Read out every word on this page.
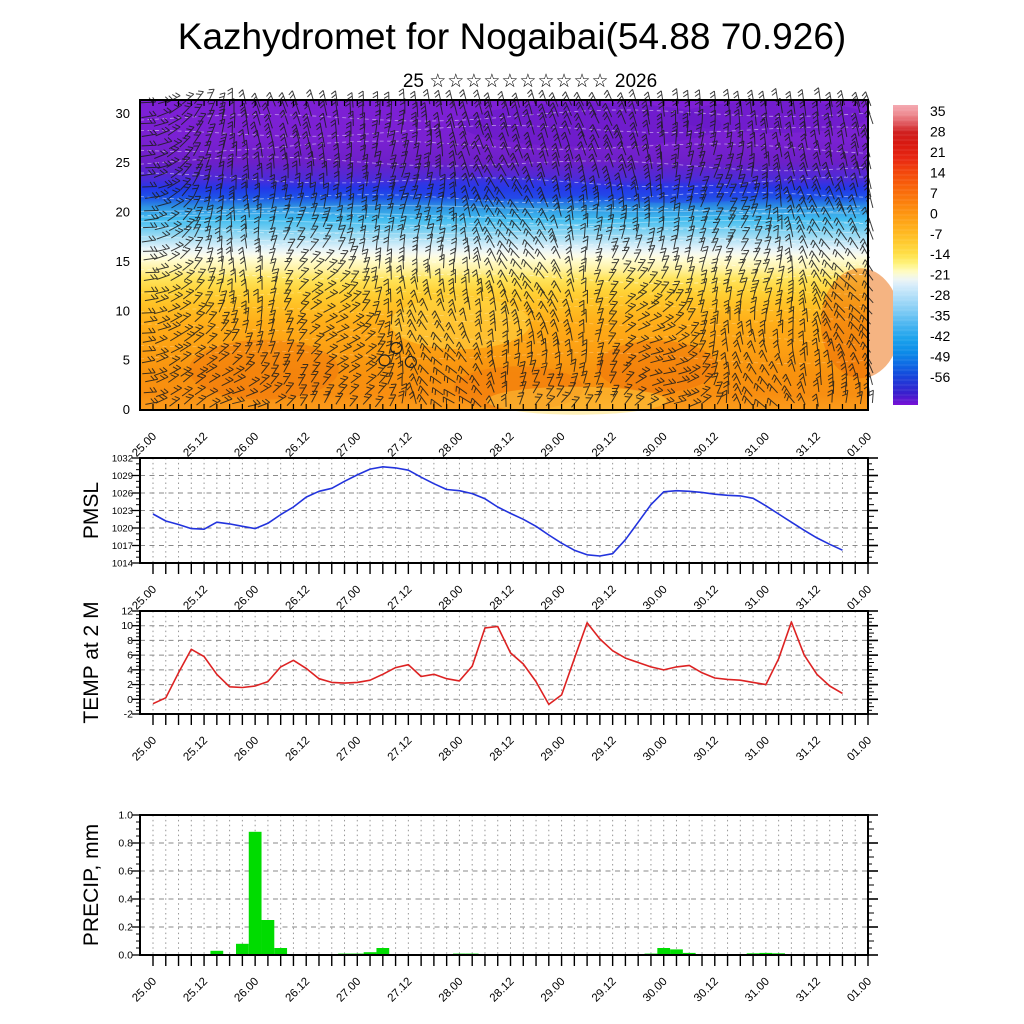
Kazhydromet for Nogaibai(54.88 70.926)
25 ☆☆☆☆☆☆☆☆☆☆ 2026
0
5
10
15
20
25
30
25.00 25.12 26.00 26.12 27.00 27.12 28.00 28.12 29.00 29.12 30.00 30.12 31.00 31.12 01.00
35
28
21
14
7
0
-7
-14
-21
-28
-35
-42
-49
-56
25.00 25.12 26.00 26.12 27.00 27.12 28.00 28.12 29.00 29.12 30.00 30.12 31.00 31.12 01.00
1014
1017
1020
1023
1026
1029
1032
PMSL
25.00 25.12 26.00 26.12 27.00 27.12 28.00 28.12 29.00 29.12 30.00 30.12 31.00 31.12 01.00
-2
0
2
4
6
8
10
12
TEMP at 2 M
25.00 25.12 26.00 26.12 27.00 27.12 28.00 28.12 29.00 29.12 30.00 30.12 31.00 31.12 01.00
0.0
0.2
0.4
0.6
0.8
1.0
PRECIP, mm
